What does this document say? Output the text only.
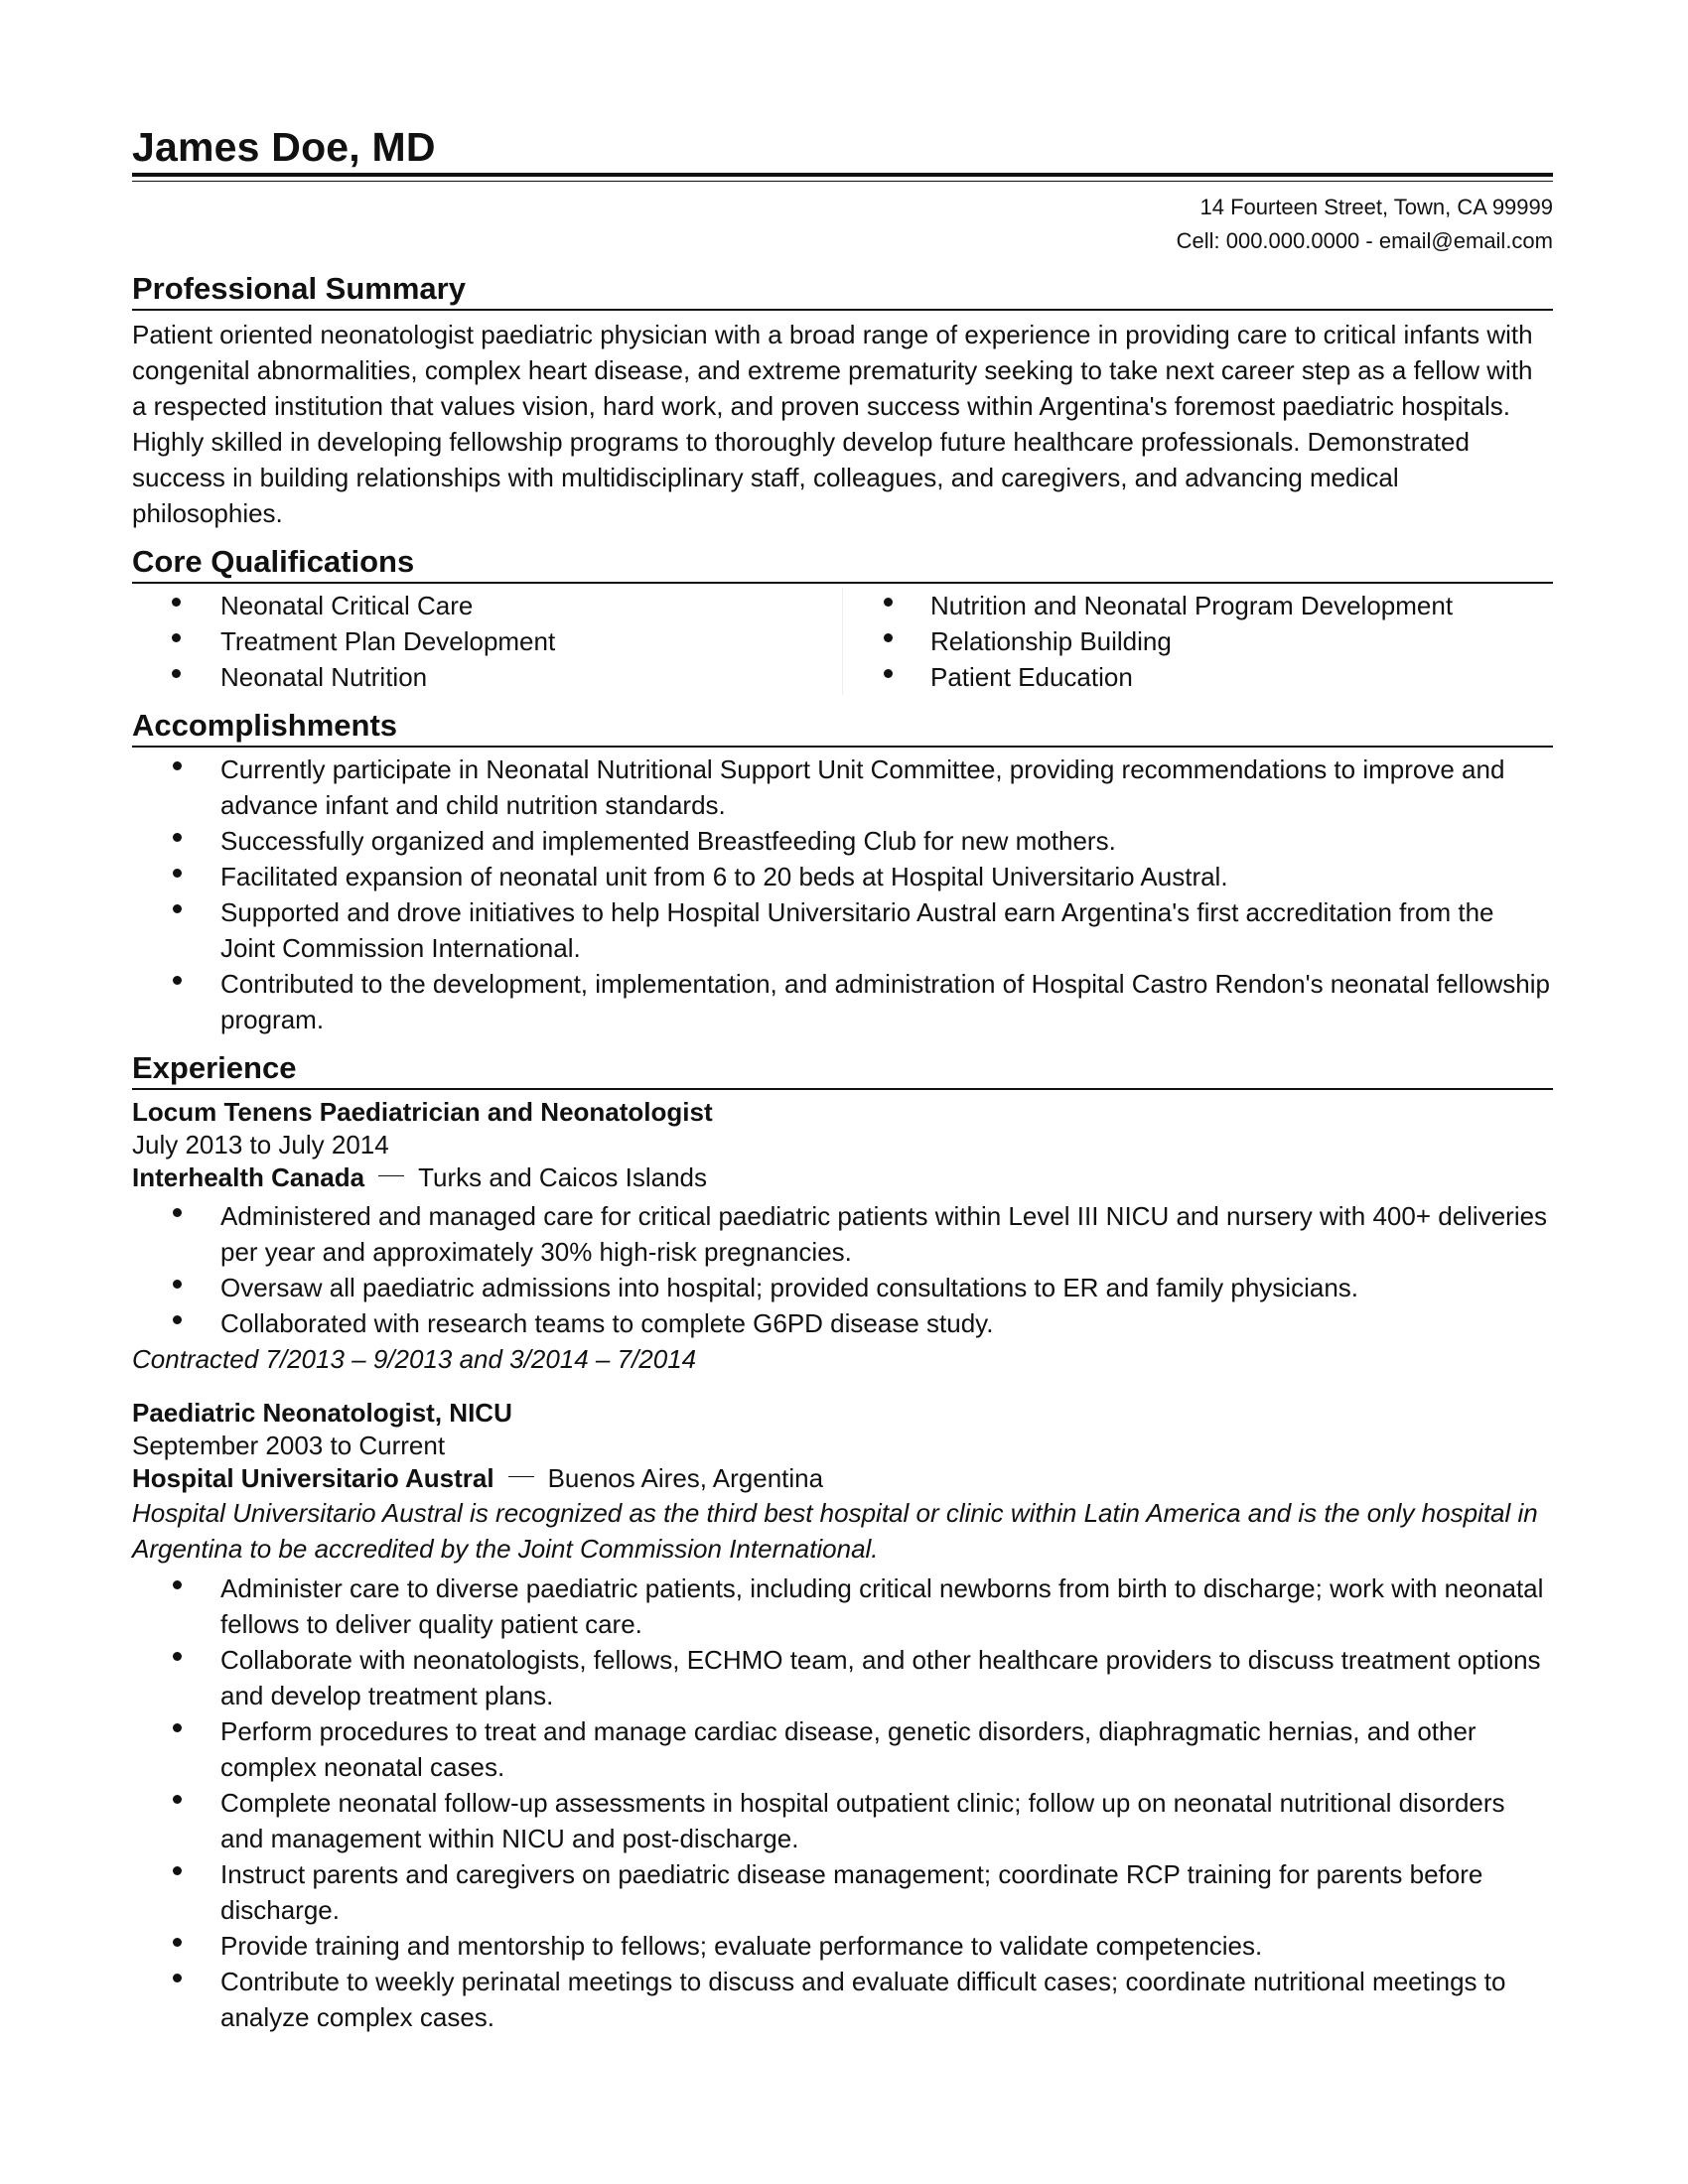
James Doe, MD
14 Fourteen Street, Town, CA 99999
Cell: 000.000.0000 - email@email.com
Professional Summary
Patient oriented neonatologist paediatric physician with a broad range of experience in providing care to critical infants with congenital abnormalities, complex heart disease, and extreme prematurity seeking to take next career step as a fellow with a respected institution that values vision, hard work, and proven success within Argentina's foremost paediatric hospitals. Highly skilled in developing fellowship programs to thoroughly develop future healthcare professionals. Demonstrated success in building relationships with multidisciplinary staff, colleagues, and caregivers, and advancing medical philosophies.
Core Qualifications
Neonatal Critical Care
Treatment Plan Development
Neonatal Nutrition
Nutrition and Neonatal Program Development
Relationship Building
Patient Education
Accomplishments
Currently participate in Neonatal Nutritional Support Unit Committee, providing recommendations to improve and advance infant and child nutrition standards.
Successfully organized and implemented Breastfeeding Club for new mothers.
Facilitated expansion of neonatal unit from 6 to 20 beds at Hospital Universitario Austral.
Supported and drove initiatives to help Hospital Universitario Austral earn Argentina's first accreditation from the Joint Commission International.
Contributed to the development, implementation, and administration of Hospital Castro Rendon's neonatal fellowship program.
Experience
Locum Tenens Paediatrician and Neonatologist
July 2013 to July 2014
Interhealth Canada Turks and Caicos Islands
Administered and managed care for critical paediatric patients within Level III NICU and nursery with 400+ deliveries per year and approximately 30% high-risk pregnancies.
Oversaw all paediatric admissions into hospital; provided consultations to ER and family physicians.
Collaborated with research teams to complete G6PD disease study.
Contracted 7/2013 – 9/2013 and 3/2014 – 7/2014
Paediatric Neonatologist, NICU
September 2003 to Current
Hospital Universitario Austral Buenos Aires, Argentina
Hospital Universitario Austral is recognized as the third best hospital or clinic within Latin America and is the only hospital in Argentina to be accredited by the Joint Commission International.
Administer care to diverse paediatric patients, including critical newborns from birth to discharge; work with neonatal fellows to deliver quality patient care.
Collaborate with neonatologists, fellows, ECHMO team, and other healthcare providers to discuss treatment options and develop treatment plans.
Perform procedures to treat and manage cardiac disease, genetic disorders, diaphragmatic hernias, and other complex neonatal cases.
Complete neonatal follow-up assessments in hospital outpatient clinic; follow up on neonatal nutritional disorders and management within NICU and post-discharge.
Instruct parents and caregivers on paediatric disease management; coordinate RCP training for parents before discharge.
Provide training and mentorship to fellows; evaluate performance to validate competencies.
Contribute to weekly perinatal meetings to discuss and evaluate difficult cases; coordinate nutritional meetings to analyze complex cases.
